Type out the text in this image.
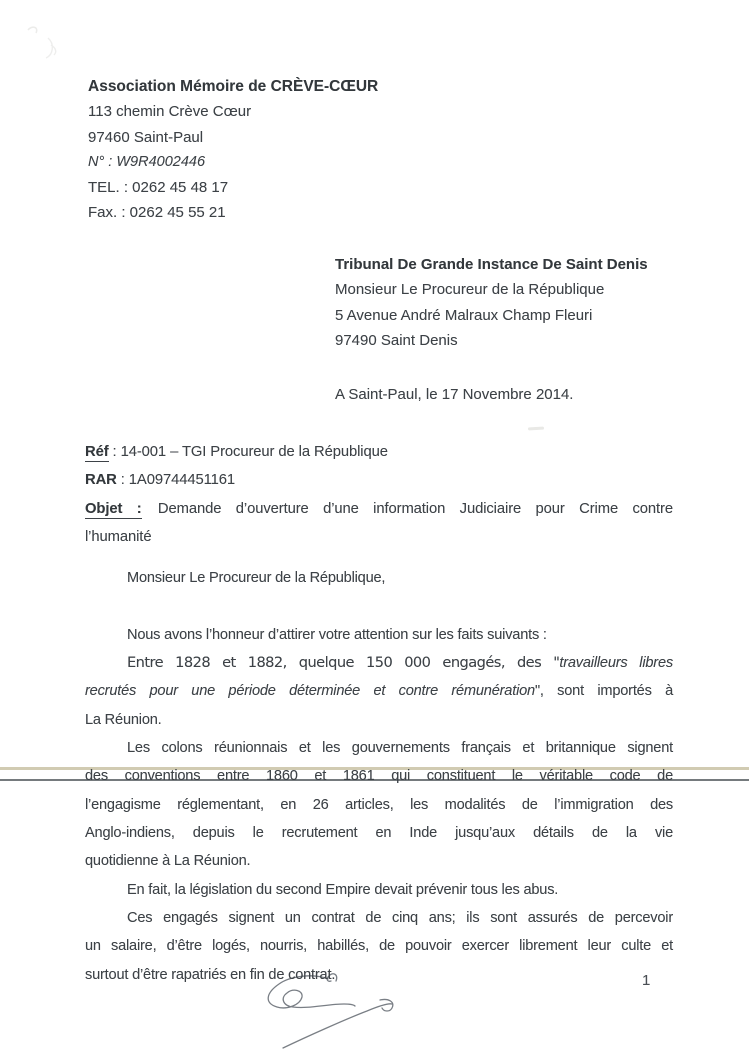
Association Mémoire de CRÈVE-CŒUR
113 chemin Crève Cœur
97460 Saint-Paul
N° : W9R4002446
TEL. : 0262 45 48 17
Fax. : 0262 45 55 21
Tribunal De Grande Instance De Saint Denis
Monsieur Le Procureur de la République
5 Avenue André Malraux Champ Fleuri
97490 Saint Denis
A Saint-Paul, le 17 Novembre 2014.
Réf : 14-001 – TGI Procureur de la République
RAR : 1A09744451161
Objet : Demande d’ouverture d’une information Judiciaire pour Crime contre
l’humanité
Monsieur Le Procureur de la République,
Nous avons l’honneur d’attirer votre attention sur les faits suivants :
Entre 1828 et 1882, quelque 150 000 engagés, des "travailleurs libres
recrutés pour une période déterminée et contre rémunération", sont importés à
La Réunion.
Les colons réunionnais et les gouvernements français et britannique signent
des conventions entre 1860 et 1861 qui constituent le véritable code de
l’engagisme réglementant, en 26 articles, les modalités de l’immigration des
Anglo-indiens, depuis le recrutement en Inde jusqu’aux détails de la vie
quotidienne à La Réunion.
En fait, la législation du second Empire devait prévenir tous les abus.
Ces engagés signent un contrat de cinq ans; ils sont assurés de percevoir
un salaire, d’être logés, nourris, habillés, de pouvoir exercer librement leur culte et
surtout d’être rapatriés en fin de contrat.	1
